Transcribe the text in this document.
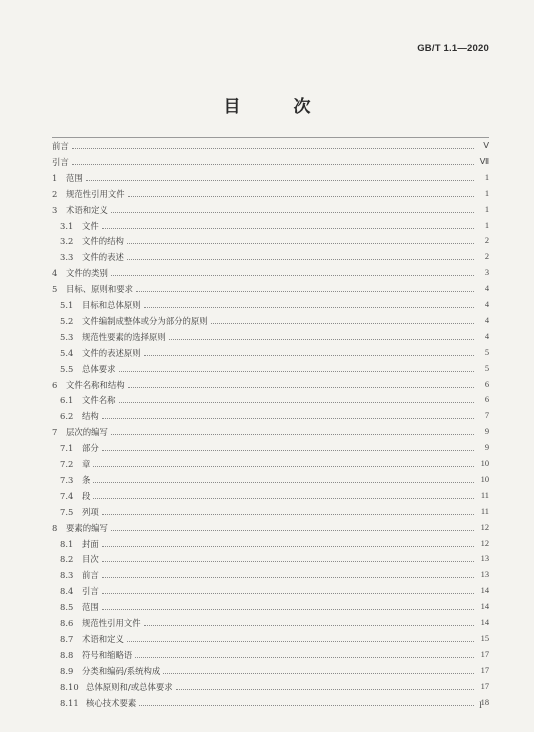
GB/T 1.1—2020
目　次
前言	Ⅴ
引言	Ⅶ
1	范围	1
2	规范性引用文件	1
3	术语和定义	1
3.1	文件	1
3.2	文件的结构	2
3.3	文件的表述	2
4	文件的类别	3
5	目标、原则和要求	4
5.1	目标和总体原则	4
5.2	文件编制成整体或分为部分的原则	4
5.3	规范性要素的选择原则	4
5.4	文件的表述原则	5
5.5	总体要求	5
6	文件名称和结构	6
6.1	文件名称	6
6.2	结构	7
7	层次的编写	9
7.1	部分	9
7.2	章	10
7.3	条	10
7.4	段	11
7.5	列项	11
8	要素的编写	12
8.1	封面	12
8.2	目次	13
8.3	前言	13
8.4	引言	14
8.5	范围	14
8.6	规范性引用文件	14
8.7	术语和定义	15
8.8	符号和缩略语	17
8.9	分类和编码/系统构成	17
8.10 总体原则和/或总体要求	17
8.11 核心技术要素	18
I
